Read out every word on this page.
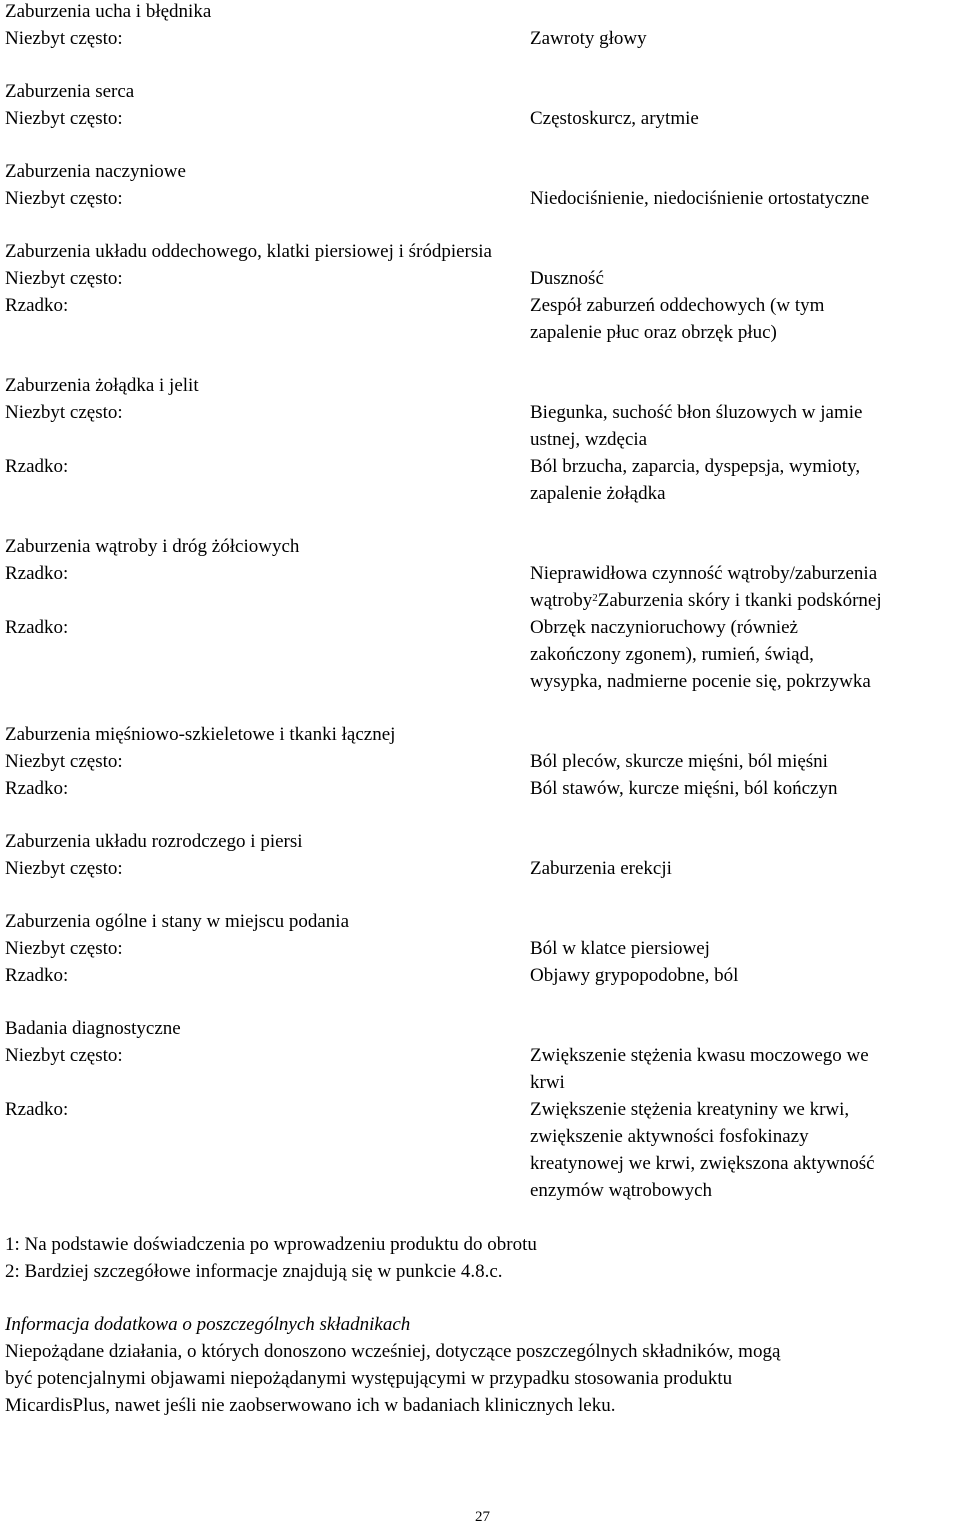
Zaburzenia ucha i błędnika
Niezbyt często:	Zawroty głowy
Zaburzenia serca
Niezbyt często:	Częstoskurcz, arytmie
Zaburzenia naczyniowe
Niezbyt często:	Niedociśnienie, niedociśnienie ortostatyczne
Zaburzenia układu oddechowego, klatki piersiowej i śródpiersia
Niezbyt często:	Duszność
Rzadko:	Zespół zaburzeń oddechowych (w tym
zapalenie płuc oraz obrzęk płuc)
Zaburzenia żołądka i jelit
Niezbyt często:	Biegunka, suchość błon śluzowych w jamie
ustnej, wzdęcia
Rzadko:	Ból brzucha, zaparcia, dyspepsja, wymioty,
zapalenie żołądka
Zaburzenia wątroby i dróg żółciowych
Rzadko:	Nieprawidłowa czynność wątroby/zaburzenia
wątroby$^2$Zaburzenia skóry i tkanki podskórnej
Rzadko:	Obrzęk naczynioruchowy (również
zakończony zgonem), rumień, świąd,
wysypka, nadmierne pocenie się, pokrzywka
Zaburzenia mięśniowo-szkieletowe i tkanki łącznej
Niezbyt często:	Ból pleców, skurcze mięśni, ból mięśni
Rzadko:	Ból stawów, kurcze mięśni, ból kończyn
Zaburzenia układu rozrodczego i piersi
Niezbyt często:	Zaburzenia erekcji
Zaburzenia ogólne i stany w miejscu podania
Niezbyt często:	Ból w klatce piersiowej
Rzadko:	Objawy grypopodobne, ból
Badania diagnostyczne
Niezbyt często:	Zwiększenie stężenia kwasu moczowego we
krwi
Rzadko:	Zwiększenie stężenia kreatyniny we krwi,
zwiększenie aktywności fosfokinazy
kreatynowej we krwi, zwiększona aktywność
enzymów wątrobowych
1: Na podstawie doświadczenia po wprowadzeniu produktu do obrotu
2: Bardziej szczegółowe informacje znajdują się w punkcie 4.8.c.
Informacja dodatkowa o poszczególnych składnikach
Niepożądane działania, o których donoszono wcześniej, dotyczące poszczególnych składników, mogą
być potencjalnymi objawami niepożądanymi występującymi w przypadku stosowania produktu
MicardisPlus, nawet jeśli nie zaobserwowano ich w badaniach klinicznych leku.
27
